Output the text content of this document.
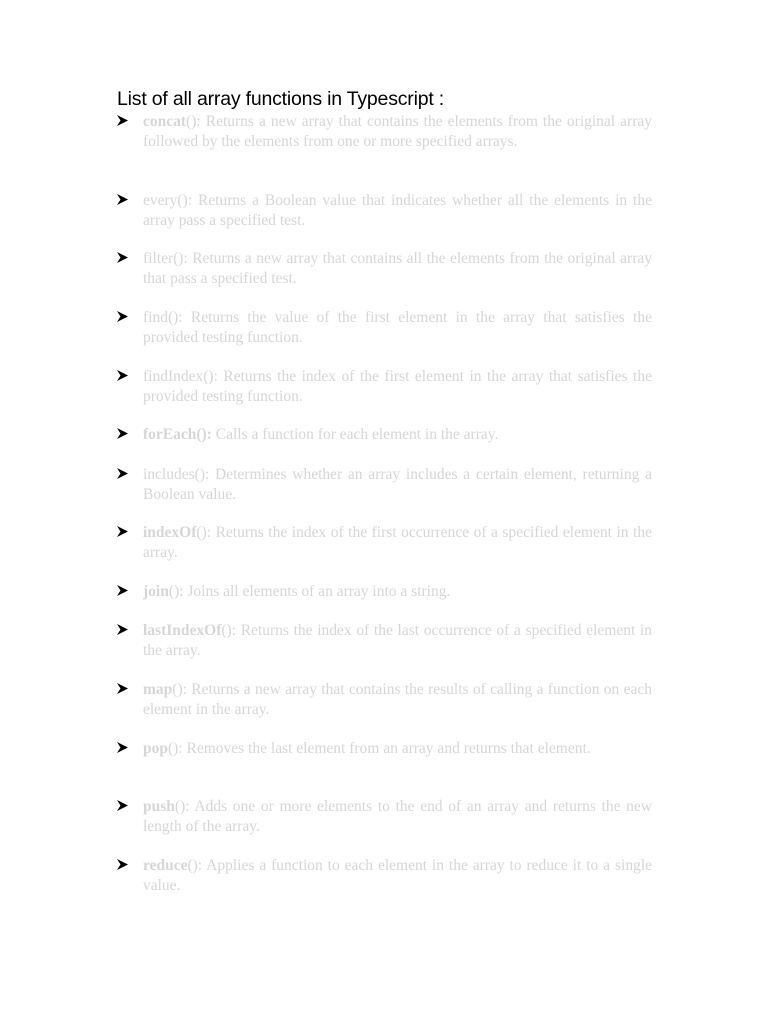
List of all array functions in Typescript :

concat(): Returns a new array that contains the elements from the original array followed by the elements from one or more specified arrays.

every(): Returns a Boolean value that indicates whether all the elements in the array pass a specified test.

filter(): Returns a new array that contains all the elements from the original array that pass a specified test.

find(): Returns the value of the first element in the array that satisfies the provided testing function.

findIndex(): Returns the index of the first element in the array that satisfies the provided testing function.

forEach(): Calls a function for each element in the array.

includes(): Determines whether an array includes a certain element, returning a Boolean value.

indexOf(): Returns the index of the first occurrence of a specified element in the array.

join(): Joins all elements of an array into a string.

lastIndexOf(): Returns the index of the last occurrence of a specified element in the array.

map(): Returns a new array that contains the results of calling a function on each element in the array.

pop(): Removes the last element from an array and returns that element.

push(): Adds one or more elements to the end of an array and returns the new length of the array.

reduce(): Applies a function to each element in the array to reduce it to a single value.
